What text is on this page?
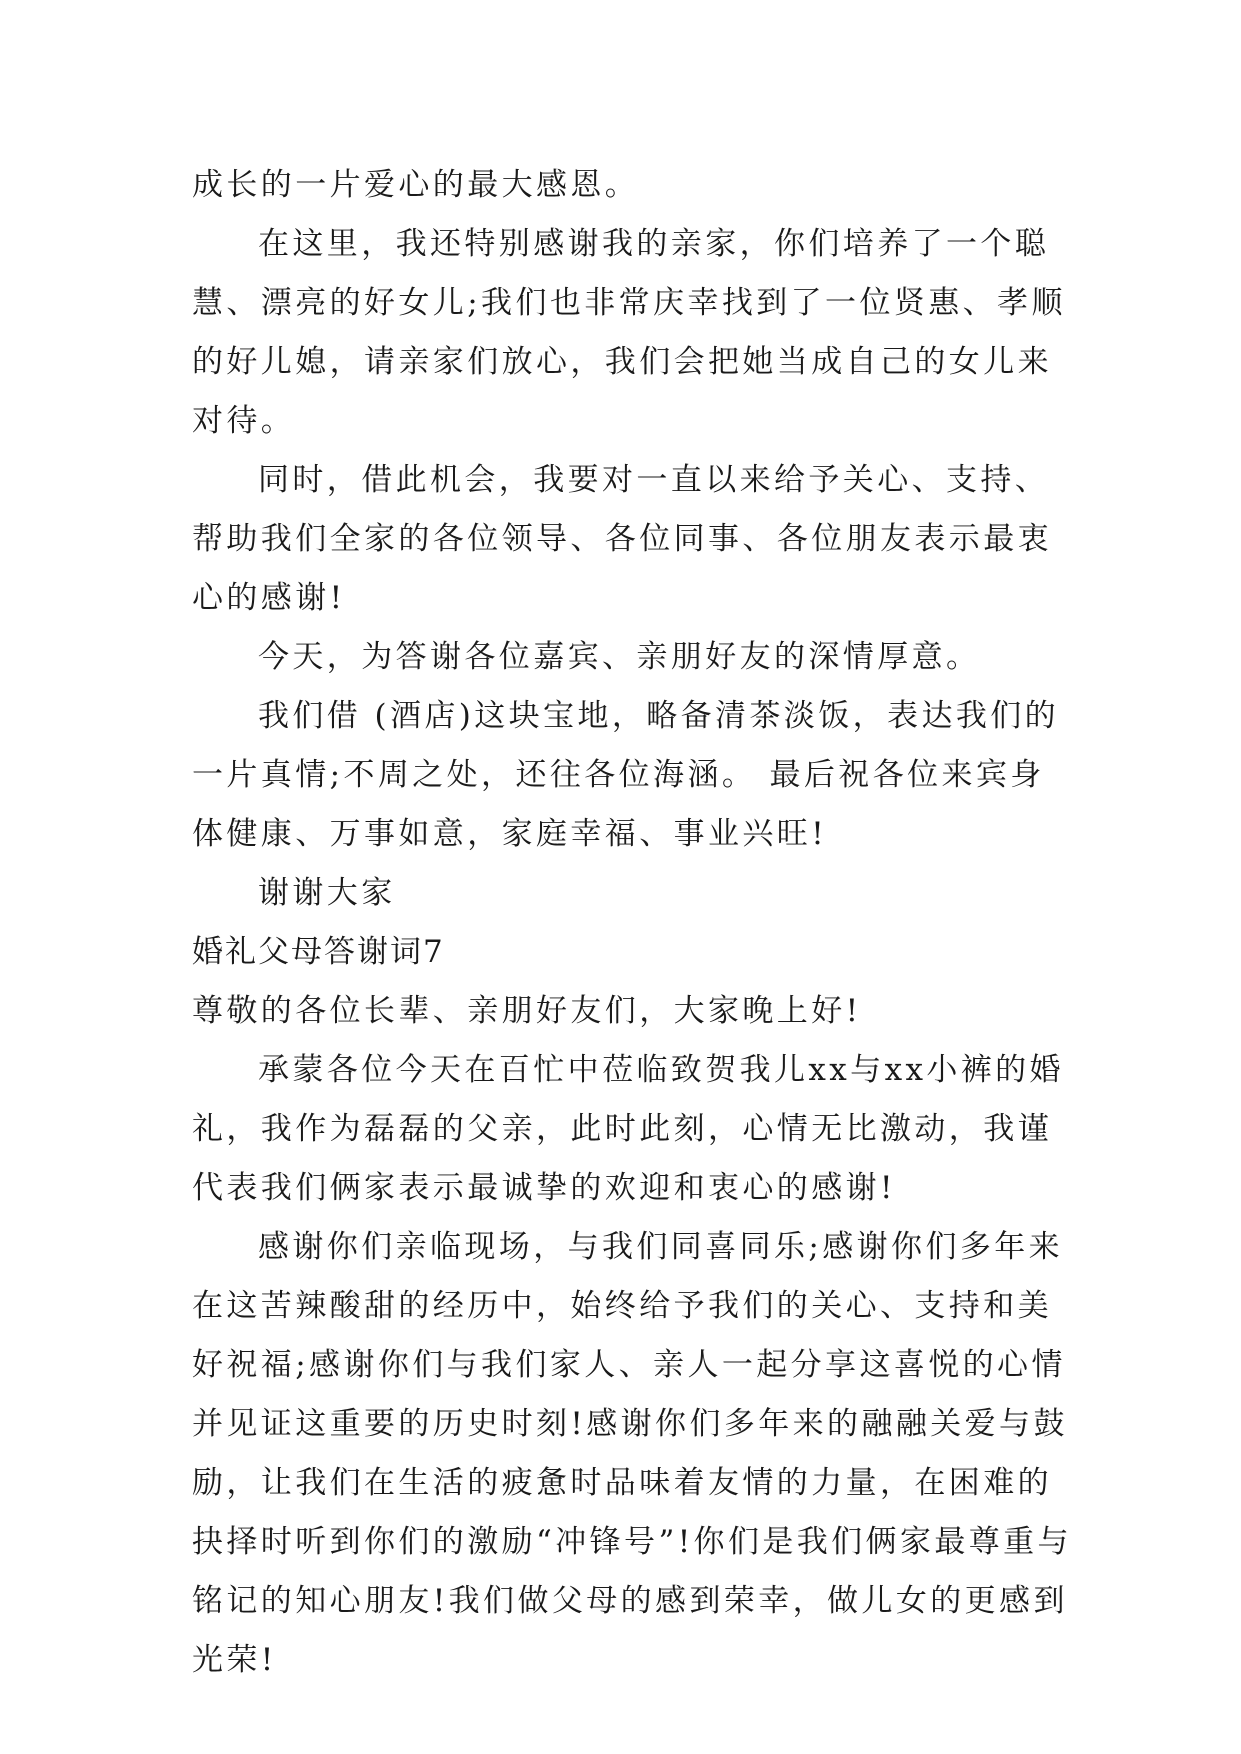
成长的一片爱心的最大感恩。

在这里，我还特别感谢我的亲家，你们培养了一个聪慧、漂亮的好女儿;我们也非常庆幸找到了一位贤惠、孝顺的好儿媳，请亲家们放心，我们会把她当成自己的女儿来对待。

同时，借此机会，我要对一直以来给予关心、支持、帮助我们全家的各位领导、各位同事、各位朋友表示最衷心的感谢!

今天，为答谢各位嘉宾、亲朋好友的深情厚意。

我们借 (酒店)这块宝地，略备清茶淡饭，表达我们的一片真情;不周之处，还往各位海涵。 最后祝各位来宾身体健康、万事如意，家庭幸福、事业兴旺!

谢谢大家

婚礼父母答谢词7

尊敬的各位长辈、亲朋好友们，大家晚上好!

承蒙各位今天在百忙中莅临致贺我儿xx与xx小裤的婚礼，我作为磊磊的父亲，此时此刻，心情无比激动，我谨代表我们俩家表示最诚挚的欢迎和衷心的感谢!

感谢你们亲临现场，与我们同喜同乐;感谢你们多年来在这苦辣酸甜的经历中，始终给予我们的关心、支持和美好祝福;感谢你们与我们家人、亲人一起分享这喜悦的心情并见证这重要的历史时刻!感谢你们多年来的融融关爱与鼓励，让我们在生活的疲惫时品味着友情的力量，在困难的抉择时听到你们的激励“冲锋号”!你们是我们俩家最尊重与铭记的知心朋友!我们做父母的感到荣幸，做儿女的更感到光荣!
